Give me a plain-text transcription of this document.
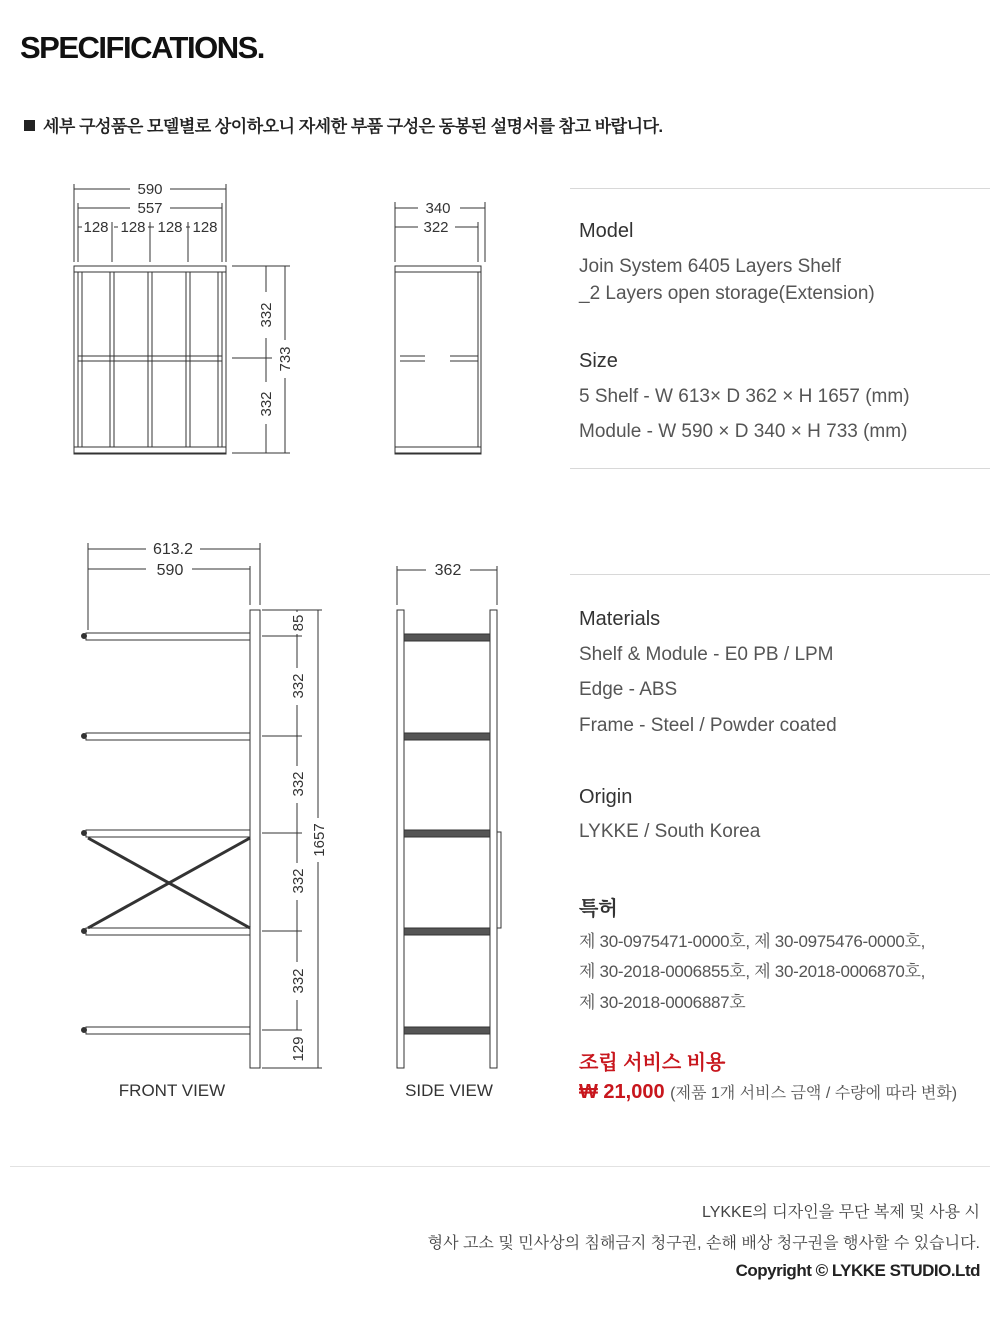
SPECIFICATIONS.
세부 구성품은 모델별로 상이하오니 자세한 부품 구성은 동봉된 설명서를 참고 바랍니다.
590
557
128 128 128 128
332
332
733
340
322
613.2
590	362
85
332
332
332
332
129
1657
FRONT VIEW	SIDE VIEW
Model
Join System 6405 Layers Shelf
_2 Layers open storage(Extension)
Size
5 Shelf - W 613× D 362 × H 1657 (mm)
Module - W 590 × D 340 × H 733 (mm)
Materials
Shelf & Module - E0 PB / LPM
Edge - ABS
Frame - Steel / Powder coated
Origin
LYKKE / South Korea
특허
제 30-0975471-0000호, 제 30-0975476-0000호,
제 30-2018-0006855호, 제 30-2018-0006870호,
제 30-2018-0006887호
조립 서비스 비용
₩ 21,000 (제품 1개 서비스 금액 / 수량에 따라 변화)
LYKKE의 디자인을 무단 복제 및 사용 시
형사 고소 및 민사상의 침해금지 청구권, 손해 배상 청구권을 행사할 수 있습니다.
Copyright © LYKKE STUDIO.Ltd
